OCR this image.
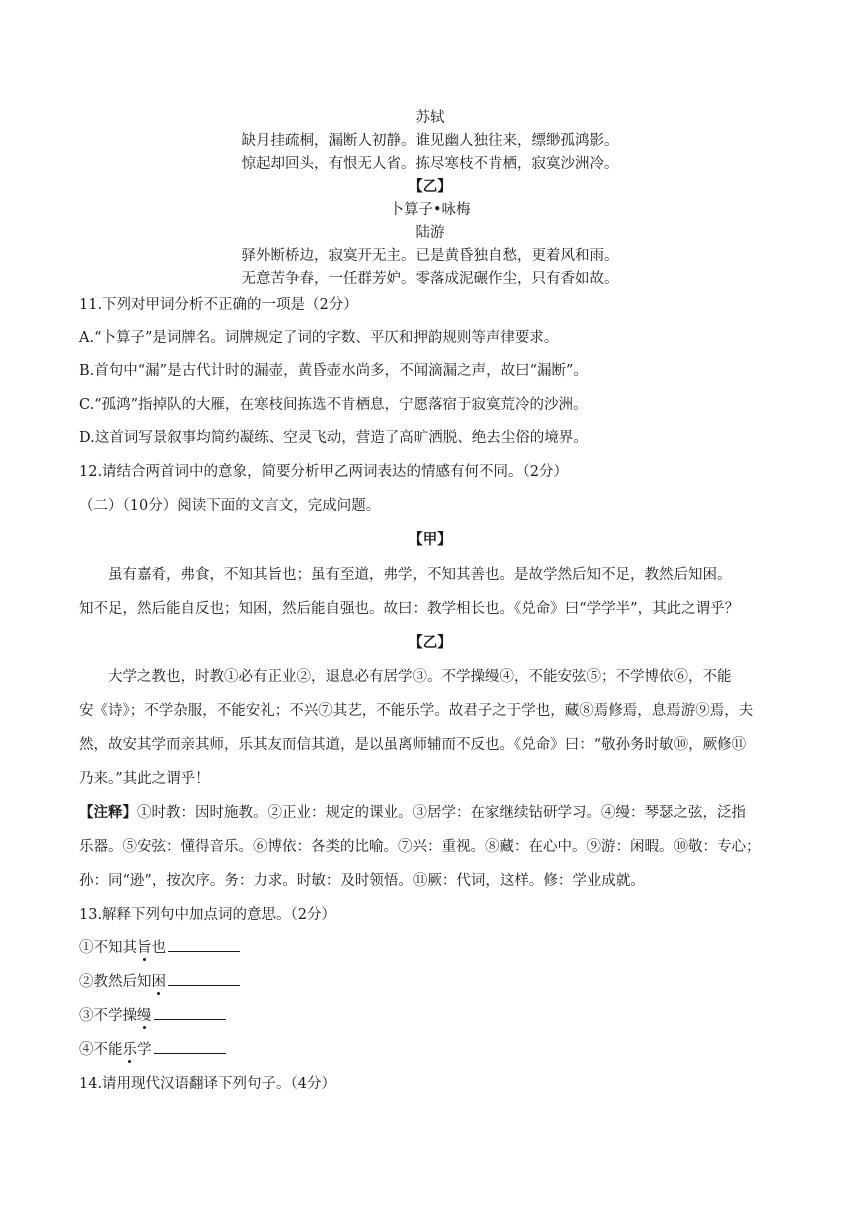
苏轼
缺月挂疏桐，漏断人初静。谁见幽人独往来，缥缈孤鸿影。
惊起却回头，有恨无人省。拣尽寒枝不肯栖，寂寞沙洲冷。
【乙】
卜算子•咏梅
陆游
驿外断桥边，寂寞开无主。已是黄昏独自愁，更着风和雨。
无意苦争春，一任群芳妒。零落成泥碾作尘，只有香如故。
11.下列对甲词分析不正确的一项是（2分）
A.“卜算子”是词牌名。词牌规定了词的字数、平仄和押韵规则等声律要求。
B.首句中“漏”是古代计时的漏壶，黄昏壶水尚多，不闻滴漏之声，故曰“漏断”。
C.“孤鸿”指掉队的大雁，在寒枝间拣选不肯栖息，宁愿落宿于寂寞荒冷的沙洲。
D.这首词写景叙事均简约凝练、空灵飞动，营造了高旷洒脱、绝去尘俗的境界。
12.请结合两首词中的意象，简要分析甲乙两词表达的情感有何不同。（2分）
（二）（10分）阅读下面的文言文，完成问题。
【甲】
虽有嘉肴，弗食，不知其旨也；虽有至道，弗学，不知其善也。是故学然后知不足，教然后知困。
知不足，然后能自反也；知困，然后能自强也。故曰：教学相长也。《兑命》曰“学学半”，其此之谓乎？
【乙】
大学之教也，时教①必有正业②，退息必有居学③。不学操缦④，不能安弦⑤；不学博依⑥，不能
安《诗》；不学杂服，不能安礼；不兴⑦其艺，不能乐学。故君子之于学也，藏⑧焉修焉，息焉游⑨焉，夫
然，故安其学而亲其师，乐其友而信其道，是以虽离师辅而不反也。《兑命》曰：“敬孙务时敏⑩，厥修⑪
乃来。”其此之谓乎！
【注释】①时教：因时施教。②正业：规定的课业。③居学：在家继续钻研学习。④缦：琴瑟之弦，泛指
乐器。⑤安弦：懂得音乐。⑥博依：各类的比喻。⑦兴：重视。⑧藏：在心中。⑨游：闲暇。⑩敬：专心；
孙：同“逊”，按次序。务：力求。时敏：及时领悟。⑪厥：代词，这样。修：学业成就。
13.解释下列句中加点词的意思。（2分）
①不知其旨也
②教然后知困
③不学操缦
④不能乐学
14.请用现代汉语翻译下列句子。（4分）
